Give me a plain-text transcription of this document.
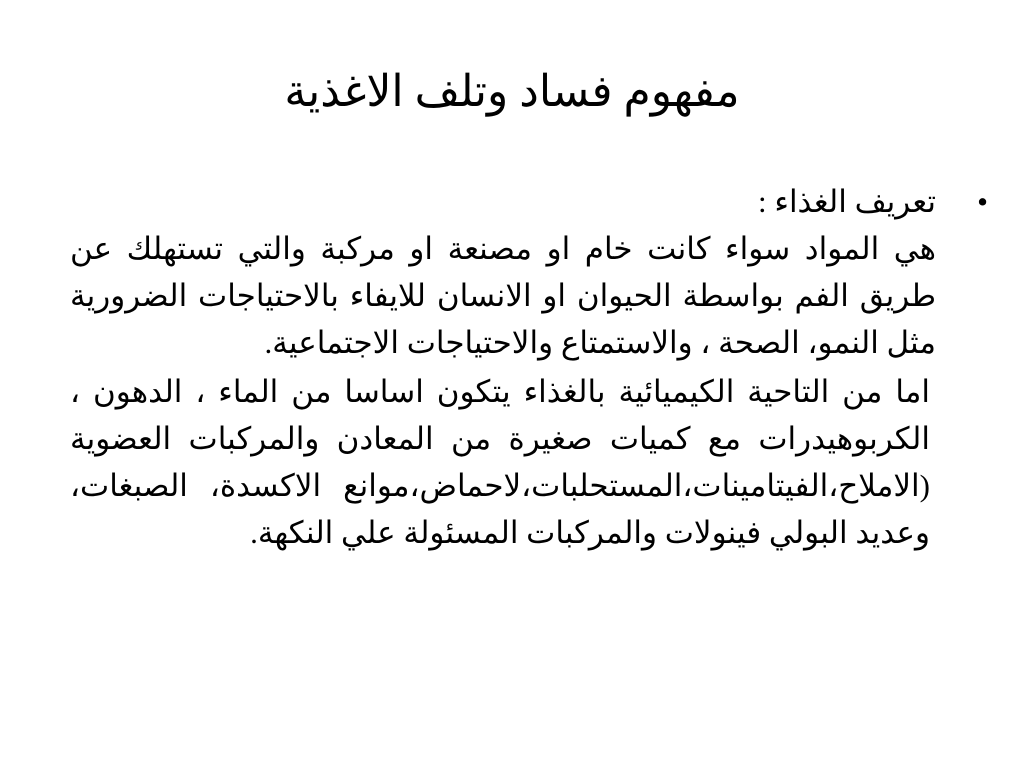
مفهوم فساد وتلف الاغذية
•
تعريف الغذاء :

هي المواد سواء كانت خام او مصنعة او مركبة والتي تستهلك عن طريق الفم بواسطة الحيوان او الانسان للايفاء بالاحتياجات الضرورية مثل النمو، الصحة ، والاستمتاع والاحتياجات الاجتماعية.

اما من التاحية الكيميائية بالغذاء يتكون اساسا من الماء ، الدهون ، الكربوهيدرات مع كميات صغيرة من المعادن والمركبات العضوية (الاملاح،الفيتامينات،المستحلبات،لاحماض،موانع الاكسدة، الصبغات، وعديد البولي فينولات والمركبات المسئولة علي النكهة.
